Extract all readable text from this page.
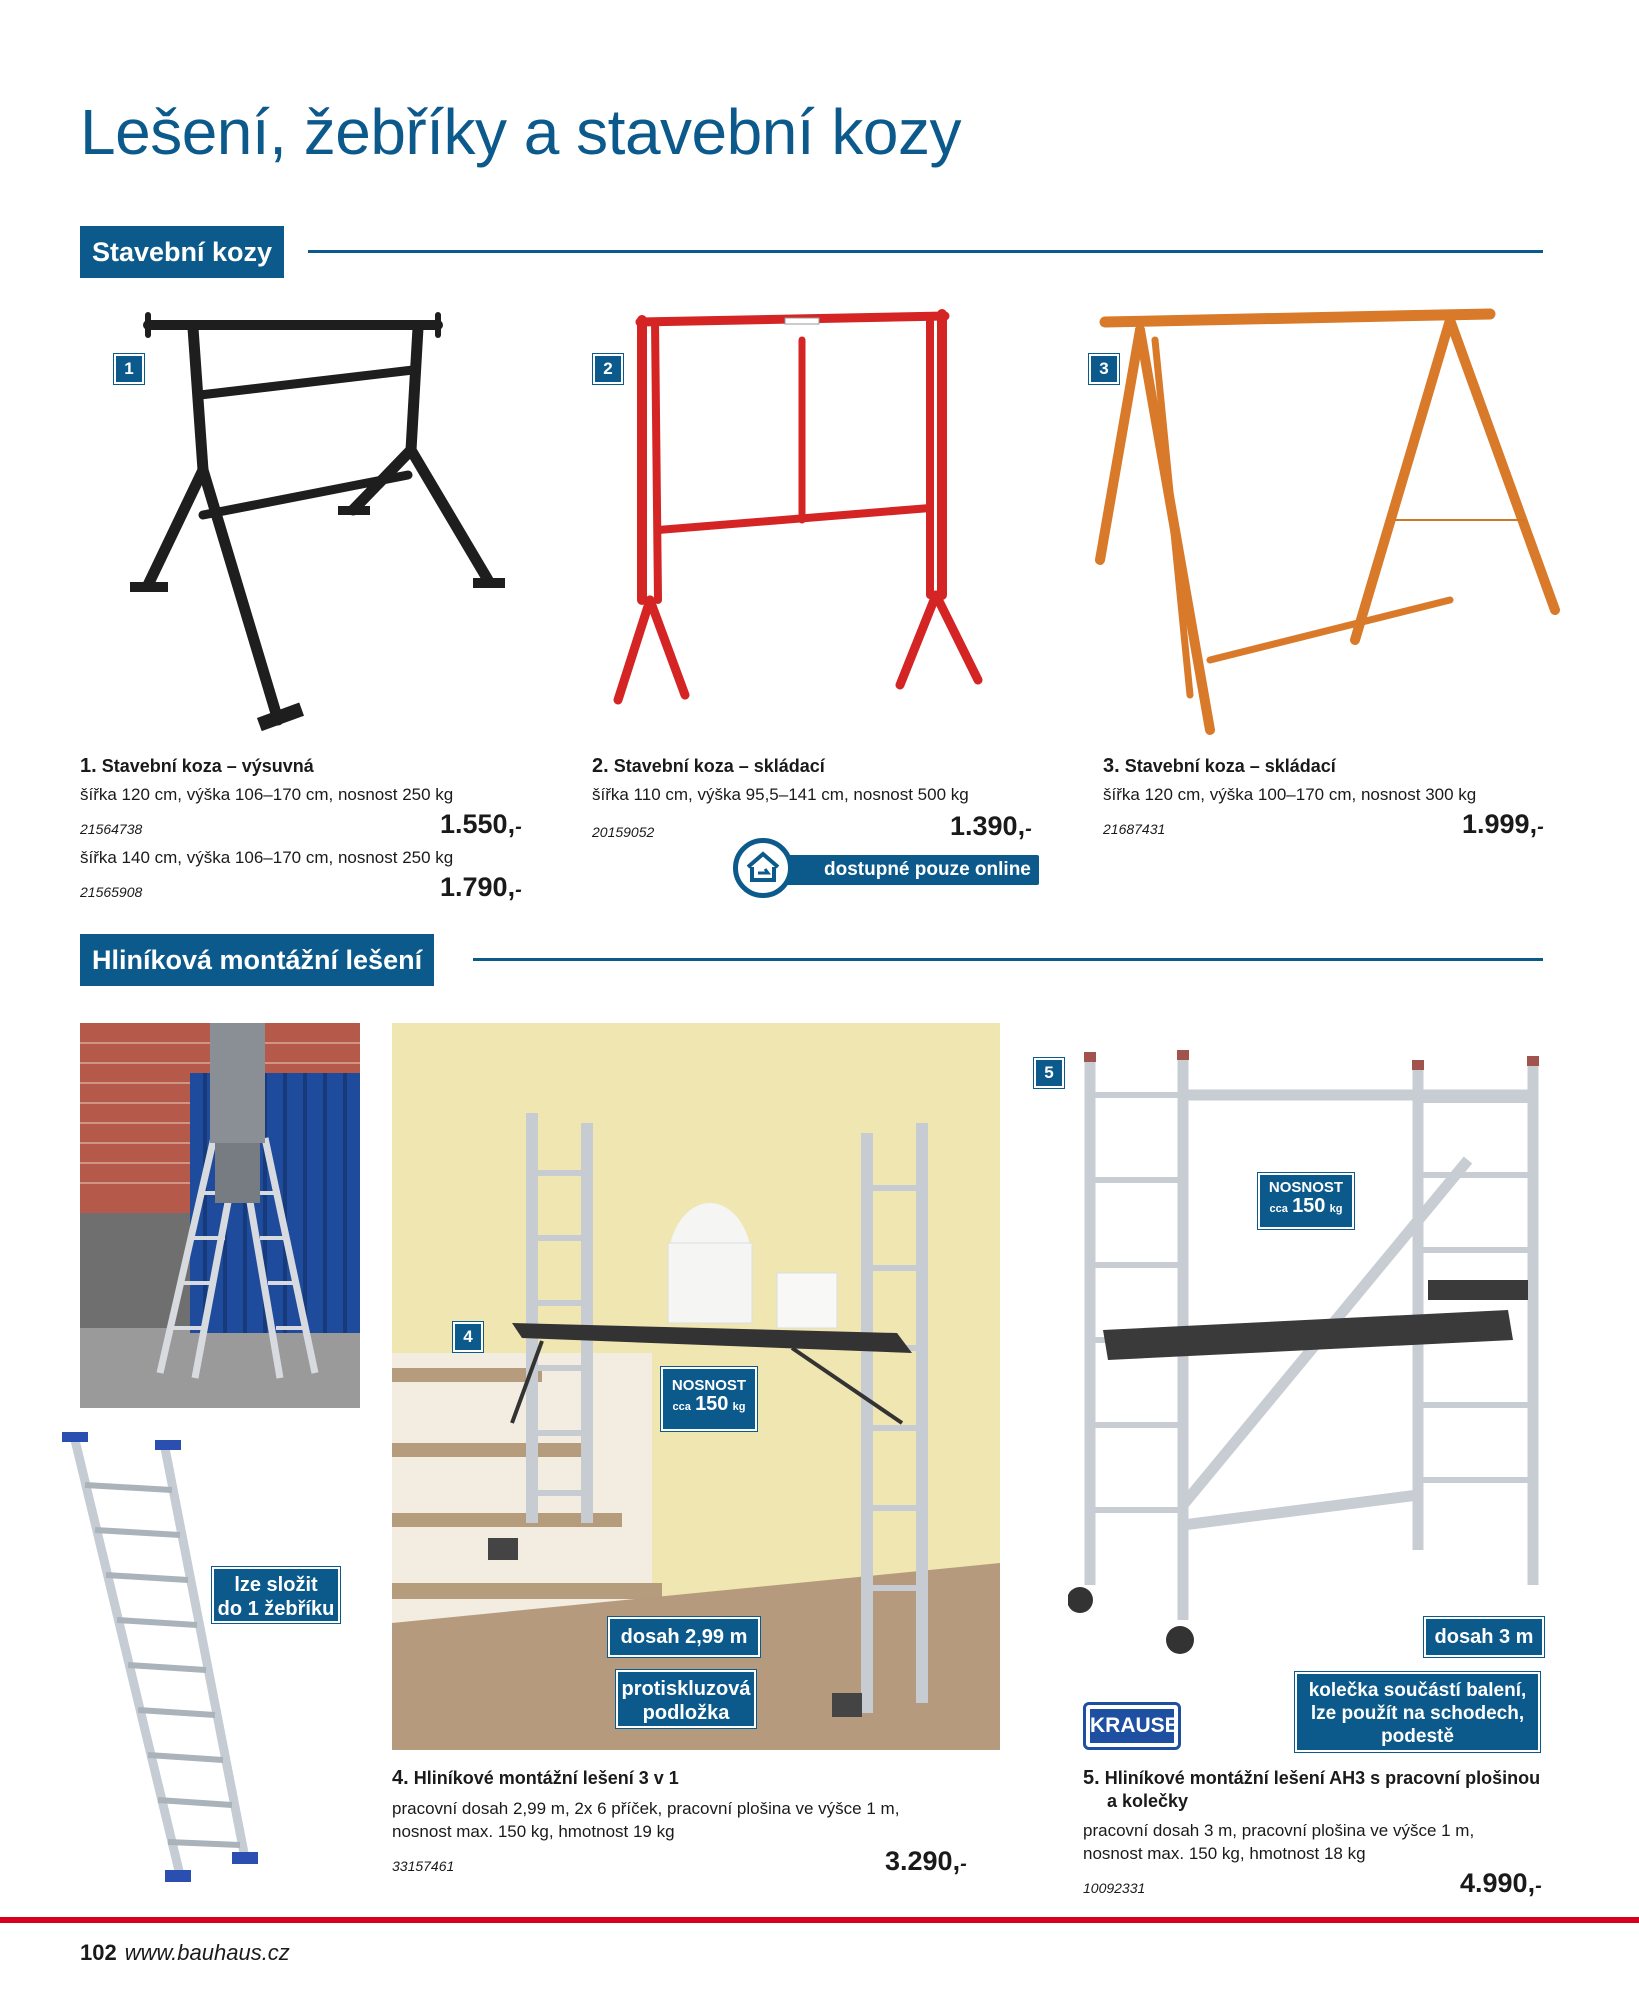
Lešení, žebříky a stavební kozy
Stavební kozy
1	2	3
1. Stavební koza – výsuvná
šířka 120 cm, výška 106–170 cm, nosnost 250 kg
21564738	1.550,-
šířka 140 cm, výška 106–170 cm, nosnost 250 kg
21565908	1.790,-
2. Stavební koza – skládací
šířka 110 cm, výška 95,5–141 cm, nosnost 500 kg
20159052	1.390,-
dostupné pouze online
3. Stavební koza – skládací
šířka 120 cm, výška 100–170 cm, nosnost 300 kg
21687431	1.999,-
Hliníková montážní lešení
lze složit
do 1 žebříku
4
NOSNOST
cca 150 kg
dosah 2,99 m
protiskluzová
podložka
5
NOSNOST
cca 150 kg
dosah 3 m
kolečka součástí balení,
lze použít na schodech,
podestě
KRAUSE
4. Hliníkové montážní lešení 3 v 1
pracovní dosah 2,99 m, 2x 6 příček, pracovní plošina ve výšce 1 m,
nosnost max. 150 kg, hmotnost 19 kg
33157461	3.290,-
5. Hliníkové montážní lešení AH3 s pracovní plošinou
a kolečky
pracovní dosah 3 m, pracovní plošina ve výšce 1 m,
nosnost max. 150 kg, hmotnost 18 kg
10092331	4.990,-
102 www.bauhaus.cz
